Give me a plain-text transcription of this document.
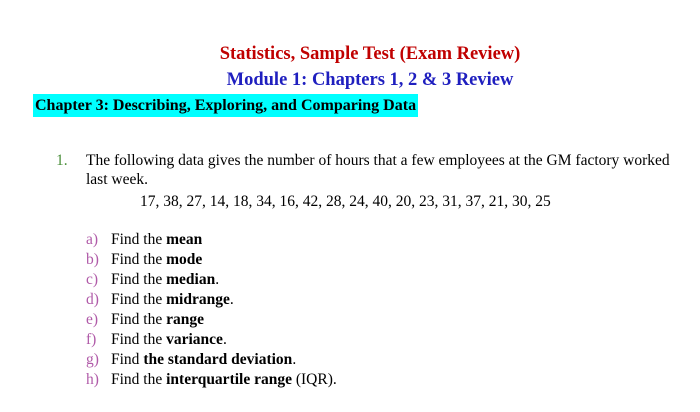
Statistics, Sample Test (Exam Review)
Module 1: Chapters 1, 2 & 3 Review
Chapter 3: Describing, Exploring, and Comparing Data
1. The following data gives the number of hours that a few employees at the GM factory worked last week.
17, 38, 27, 14, 18, 34, 16, 42, 28, 24, 40, 20, 23, 31, 37, 21, 30, 25
a) Find the mean
b) Find the mode
c) Find the median.
d) Find the midrange.
e) Find the range
f) Find the variance.
g) Find the standard deviation.
h) Find the interquartile range (IQR).
